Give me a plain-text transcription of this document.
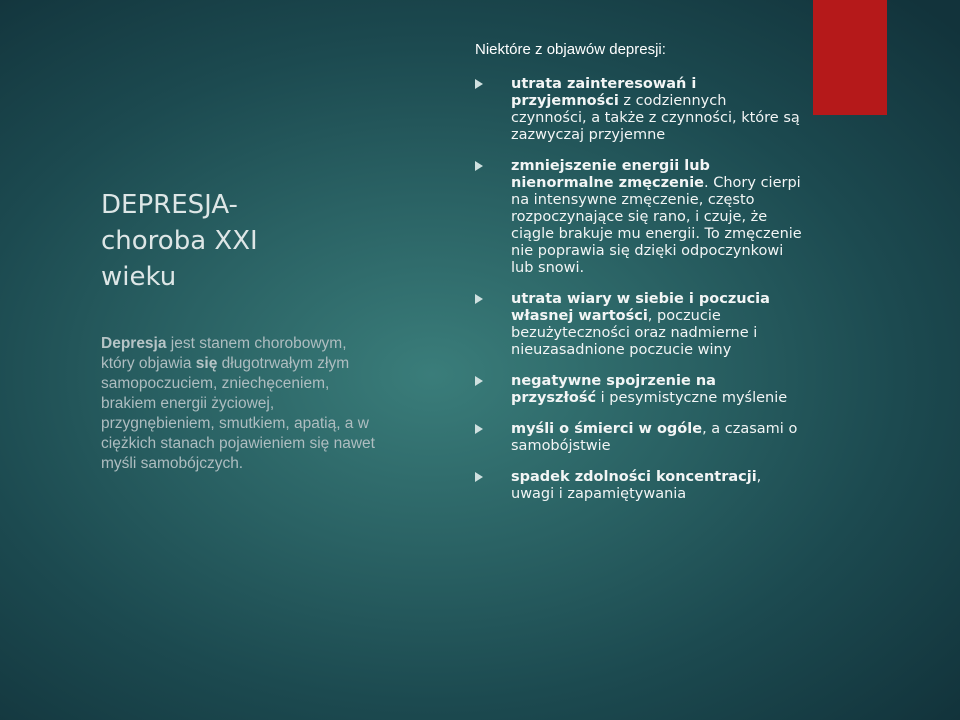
DEPRESJA-
choroba XXI
wieku

Depresja jest stanem chorobowym, który objawia się długotrwałym złym samopoczuciem, zniechęceniem, brakiem energii życiowej, przygnębieniem, smutkiem, apatią, a w ciężkich stanach pojawieniem się nawet myśli samobójczych.

Niektóre z objawów depresji:
utrata zainteresowań i przyjemności z codziennych czynności, a także z czynności, które są zazwyczaj przyjemne
zmniejszenie energii lub nienormalne zmęczenie. Chory cierpi na intensywne zmęczenie, często rozpoczynające się rano, i czuje, że ciągle brakuje mu energii. To zmęczenie nie poprawia się dzięki odpoczynkowi lub snowi.
utrata wiary w siebie i poczucia własnej wartości, poczucie bezużyteczności oraz nadmierne i nieuzasadnione poczucie winy
negatywne spojrzenie na przyszłość i pesymistyczne myślenie
myśli o śmierci w ogóle, a czasami o samobójstwie
spadek zdolności koncentracji, uwagi i zapamiętywania
